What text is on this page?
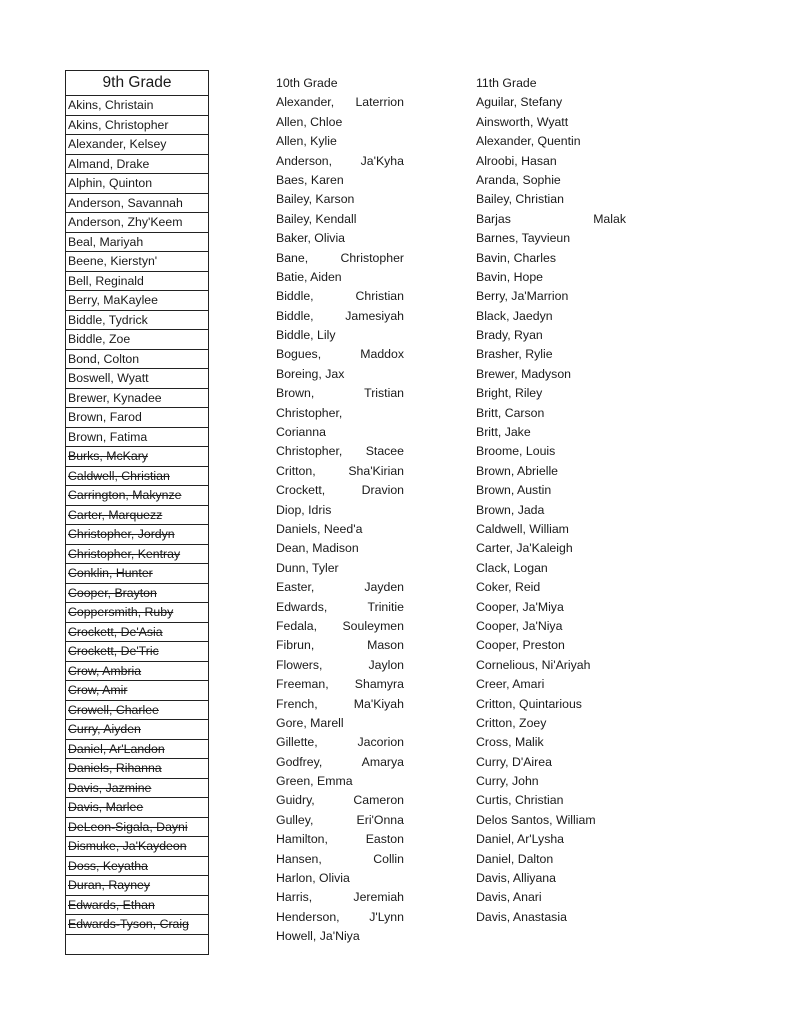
9th Grade
Akins, Christain
Akins, Christopher
Alexander, Kelsey
Almand, Drake
Alphin, Quinton
Anderson, Savannah
Anderson, Zhy'Keem
Beal, Mariyah
Beene, Kierstyn'
Bell, Reginald
Berry, MaKaylee
Biddle, Tydrick
Biddle, Zoe
Bond, Colton
Boswell, Wyatt
Brewer, Kynadee
Brown, Farod
Brown, Fatima
Burks, McKary
Caldwell, Christian
Carrington, Makynze
Carter, Marquezz
Christopher, Jordyn
Christopher, Kentray
Conklin, Hunter
Cooper, Brayton
Coppersmith, Ruby
Crockett, De'Asia
Crockett, De'Tric
Crow, Ambria
Crow, Amir
Crowell, Charlee
Curry, Aiyden
Daniel, Ar'Landon
Daniels, Rihanna
Davis, Jazmine
Davis, Marlee
DeLeon-Sigala, Dayni
Dismuke, Ja'Kaydeon
Doss, Keyatha
Duran, Rayney
Edwards, Ethan
Edwards-Tyson, Craig
10th Grade
Alexander, Laterrion
Allen, Chloe
Allen, Kylie
Anderson, Ja'Kyha
Baes, Karen
Bailey, Karson
Bailey, Kendall
Baker, Olivia
Bane,	Christopher
Batie, Aiden
Biddle,	Christian
Biddle,	Jamesiyah
Biddle, Lily
Bogues,	Maddox
Boreing, Jax
Brown,	Tristian
Christopher,
Corianna
Christopher, Stacee
Critton,	Sha'Kirian
Crockett,	Dravion
Diop, Idris
Daniels, Need'a
Dean, Madison
Dunn, Tyler
Easter,	Jayden
Edwards,	Trinitie
Fedala, Souleymen
Fibrun,	Mason
Flowers,	Jaylon
Freeman, Shamyra
French,	Ma'Kiyah
Gore, Marell
Gillette,	Jacorion
Godfrey,	Amarya
Green, Emma
Guidry,	Cameron
Gulley,	Eri'Onna
Hamilton,	Easton
Hansen,	Collin
Harlon, Olivia
Harris,	Jeremiah
Henderson, J'Lynn
Howell, Ja'Niya
11th Grade
Aguilar, Stefany
Ainsworth, Wyatt
Alexander, Quentin
Alroobi, Hasan
Aranda, Sophie
Bailey, Christian
Barjas	Malak
Barnes, Tayvieun
Bavin, Charles
Bavin, Hope
Berry, Ja'Marrion
Black, Jaedyn
Brady, Ryan
Brasher, Rylie
Brewer, Madyson
Bright, Riley
Britt, Carson
Britt, Jake
Broome, Louis
Brown, Abrielle
Brown, Austin
Brown, Jada
Caldwell, William
Carter, Ja'Kaleigh
Clack, Logan
Coker, Reid
Cooper, Ja'Miya
Cooper, Ja'Niya
Cooper, Preston
Cornelious, Ni'Ariyah
Creer, Amari
Critton, Quintarious
Critton, Zoey
Cross, Malik
Curry, D'Airea
Curry, John
Curtis, Christian
Delos Santos, William
Daniel, Ar'Lysha
Daniel, Dalton
Davis, Alliyana
Davis, Anari
Davis, Anastasia
